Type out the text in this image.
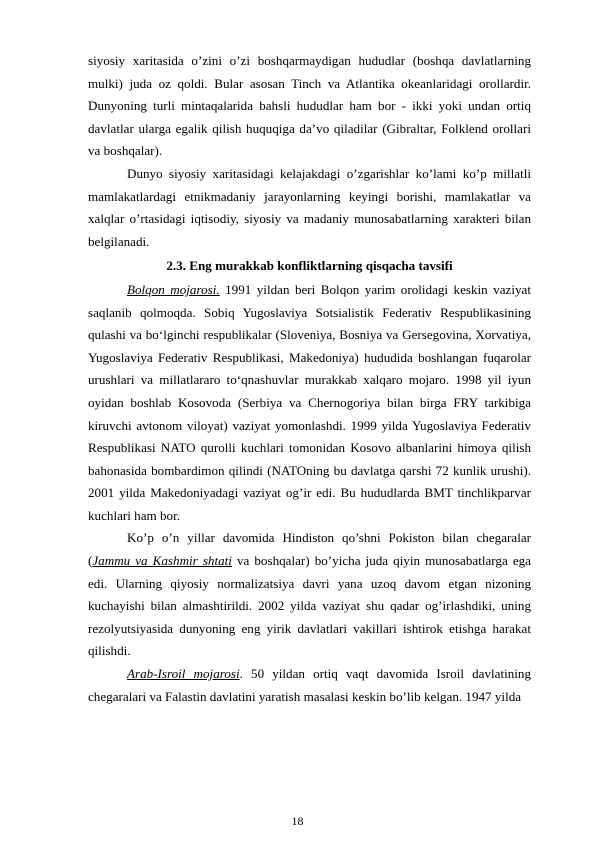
siyosiy xaritasida o’zini o’zi boshqarmaydigan hududlar (boshqa davlatlarning mulki) juda oz qoldi. Bular asosan Tinch va Atlantika okeanlaridagi orollardir. Dunyoning turli mintaqalarida bahsli hududlar ham bor - ikki yoki undan ortiq davlatlar ularga egalik qilish huquqiga da’vo qiladilar (Gibraltar, Folklend orollari va boshqalar).

Dunyo siyosiy xaritasidagi kelajakdagi o’zgarishlar ko’lami ko’p millatli mamlakatlardagi etnikmadaniy jarayonlarning keyingi borishi, mamlakatlar va xalqlar o’rtasidagi iqtisodiy, siyosiy va madaniy munosabatlarning xarakteri bilan belgilanadi.

2.3. Eng murakkab konfliktlarning qisqacha tavsifi

Bolqon mojarosi. 1991 yildan beri Bolqon yarim orolidagi keskin vaziyat saqlanib qolmoqda. Sobiq Yugoslaviya Sotsialistik Federativ Respublikasining qulashi va bo‘lginchi respublikalar (Sloveniya, Bosniya va Gersegovina, Xorvatiya, Yugoslaviya Federativ Respublikasi, Makedoniya) hududida boshlangan fuqarolar urushlari va millatlararo to‘qnashuvlar murakkab xalqaro mojaro. 1998 yil iyun oyidan boshlab Kosovoda (Serbiya va Chernogoriya bilan birga FRY tarkibiga kiruvchi avtonom viloyat) vaziyat yomonlashdi. 1999 yilda Yugoslaviya Federativ Respublikasi NATO qurolli kuchlari tomonidan Kosovo albanlarini himoya qilish bahonasida bombardimon qilindi (NATOning bu davlatga qarshi 72 kunlik urushi). 2001 yilda Makedoniyadagi vaziyat og’ir edi. Bu hududlarda BMT tinchlikparvar kuchlari ham bor.

Ko’p o’n yillar davomida Hindiston qo’shni Pokiston bilan chegaralar (Jammu va Kashmir shtati va boshqalar) bo’yicha juda qiyin munosabatlarga ega edi. Ularning qiyosiy normalizatsiya davri yana uzoq davom etgan nizoning kuchayishi bilan almashtirildi. 2002 yilda vaziyat shu qadar og’irlashdiki, uning rezolyutsiyasida dunyoning eng yirik davlatlari vakillari ishtirok etishga harakat qilishdi.

Arab-Isroil mojarosi. 50 yildan ortiq vaqt davomida Isroil davlatining chegaralari va Falastin davlatini yaratish masalasi keskin bo’lib kelgan. 1947 yilda

18
